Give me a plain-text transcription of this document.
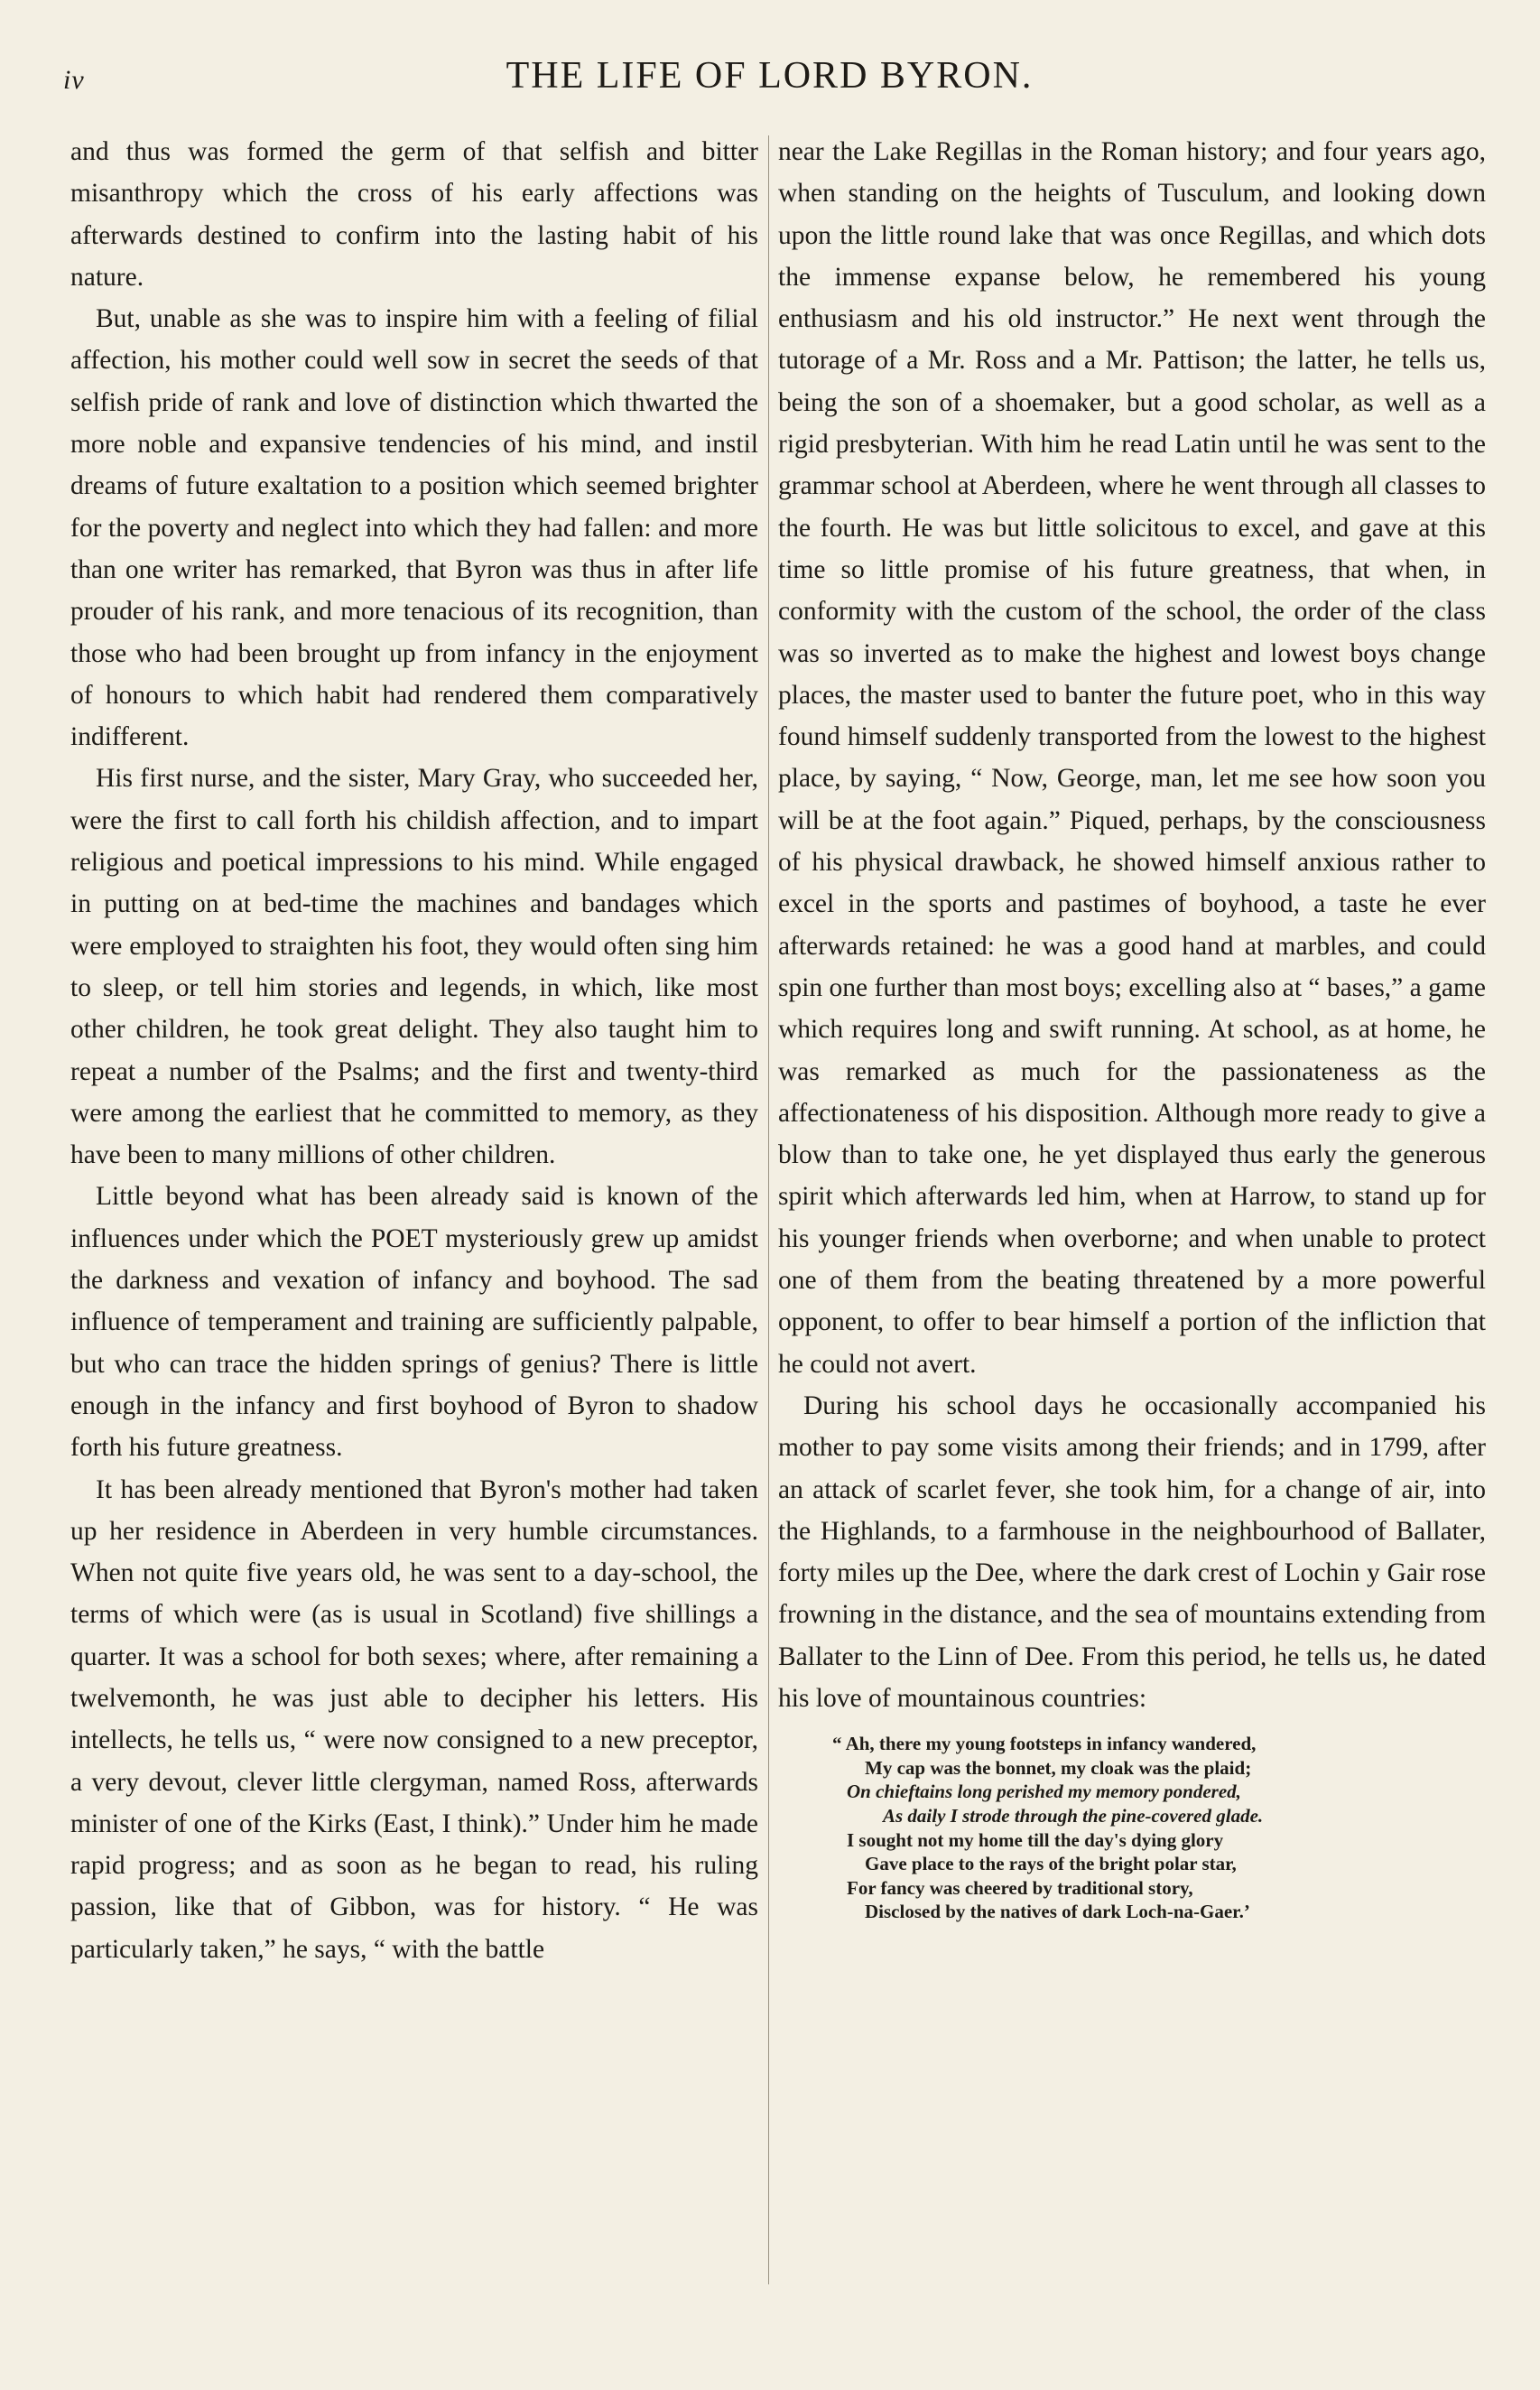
iv	THE LIFE OF LORD BYRON.

and thus was formed the germ of that selfish and bitter misanthropy which the cross of his early affections was afterwards destined to confirm into the lasting habit of his nature.

But, unable as she was to inspire him with a feeling of filial affection, his mother could well sow in secret the seeds of that selfish pride of rank and love of distinction which thwarted the more noble and expansive tendencies of his mind, and instil dreams of future exaltation to a position which seemed brighter for the poverty and neglect into which they had fallen: and more than one writer has remarked, that Byron was thus in after life prouder of his rank, and more tenacious of its recognition, than those who had been brought up from infancy in the enjoyment of honours to which habit had rendered them comparatively indifferent.

His first nurse, and the sister, Mary Gray, who succeeded her, were the first to call forth his childish affection, and to impart religious and poetical impressions to his mind. While engaged in putting on at bed-time the machines and bandages which were employed to straighten his foot, they would often sing him to sleep, or tell him stories and legends, in which, like most other children, he took great delight. They also taught him to repeat a number of the Psalms; and the first and twenty-third were among the earliest that he committed to memory, as they have been to many millions of other children.

Little beyond what has been already said is known of the influences under which the POET mysteriously grew up amidst the darkness and vexation of infancy and boyhood. The sad influence of temperament and training are sufficiently palpable, but who can trace the hidden springs of genius? There is little enough in the infancy and first boyhood of Byron to shadow forth his future greatness.

It has been already mentioned that Byron's mother had taken up her residence in Aberdeen in very humble circumstances. When not quite five years old, he was sent to a day-school, the terms of which were (as is usual in Scotland) five shillings a quarter. It was a school for both sexes; where, after remaining a twelvemonth, he was just able to decipher his letters. His intellects, he tells us, “ were now consigned to a new preceptor, a very devout, clever little clergyman, named Ross, afterwards minister of one of the Kirks (East, I think).” Under him he made rapid progress; and as soon as he began to read, his ruling passion, like that of Gibbon, was for history. “ He was particularly taken,” he says, “ with the battle

near the Lake Regillas in the Roman history; and four years ago, when standing on the heights of Tusculum, and looking down upon the little round lake that was once Regillas, and which dots the immense expanse below, he remembered his young enthusiasm and his old instructor.” He next went through the tutorage of a Mr. Ross and a Mr. Pattison; the latter, he tells us, being the son of a shoemaker, but a good scholar, as well as a rigid presbyterian. With him he read Latin until he was sent to the grammar school at Aberdeen, where he went through all classes to the fourth. He was but little solicitous to excel, and gave at this time so little promise of his future greatness, that when, in conformity with the custom of the school, the order of the class was so inverted as to make the highest and lowest boys change places, the master used to banter the future poet, who in this way found himself suddenly transported from the lowest to the highest place, by saying, “ Now, George, man, let me see how soon you will be at the foot again.” Piqued, perhaps, by the consciousness of his physical drawback, he showed himself anxious rather to excel in the sports and pastimes of boyhood, a taste he ever afterwards retained: he was a good hand at marbles, and could spin one further than most boys; excelling also at “ bases,” a game which requires long and swift running. At school, as at home, he was remarked as much for the passionateness as the affectionateness of his disposition. Although more ready to give a blow than to take one, he yet displayed thus early the generous spirit which afterwards led him, when at Harrow, to stand up for his younger friends when overborne; and when unable to protect one of them from the beating threatened by a more powerful opponent, to offer to bear himself a portion of the infliction that he could not avert.

During his school days he occasionally accompanied his mother to pay some visits among their friends; and in 1799, after an attack of scarlet fever, she took him, for a change of air, into the Highlands, to a farmhouse in the neighbourhood of Ballater, forty miles up the Dee, where the dark crest of Lochin y Gair rose frowning in the distance, and the sea of mountains extending from Ballater to the Linn of Dee. From this period, he tells us, he dated his love of mountainous countries:

“ Ah, there my young footsteps in infancy wandered,
My cap was the bonnet, my cloak was the plaid;
On chieftains long perished my memory pondered,
As daily I strode through the pine-covered glade.
I sought not my home till the day's dying glory
Gave place to the rays of the bright polar star,
For fancy was cheered by traditional story,
Disclosed by the natives of dark Loch-na-Gaer.’
